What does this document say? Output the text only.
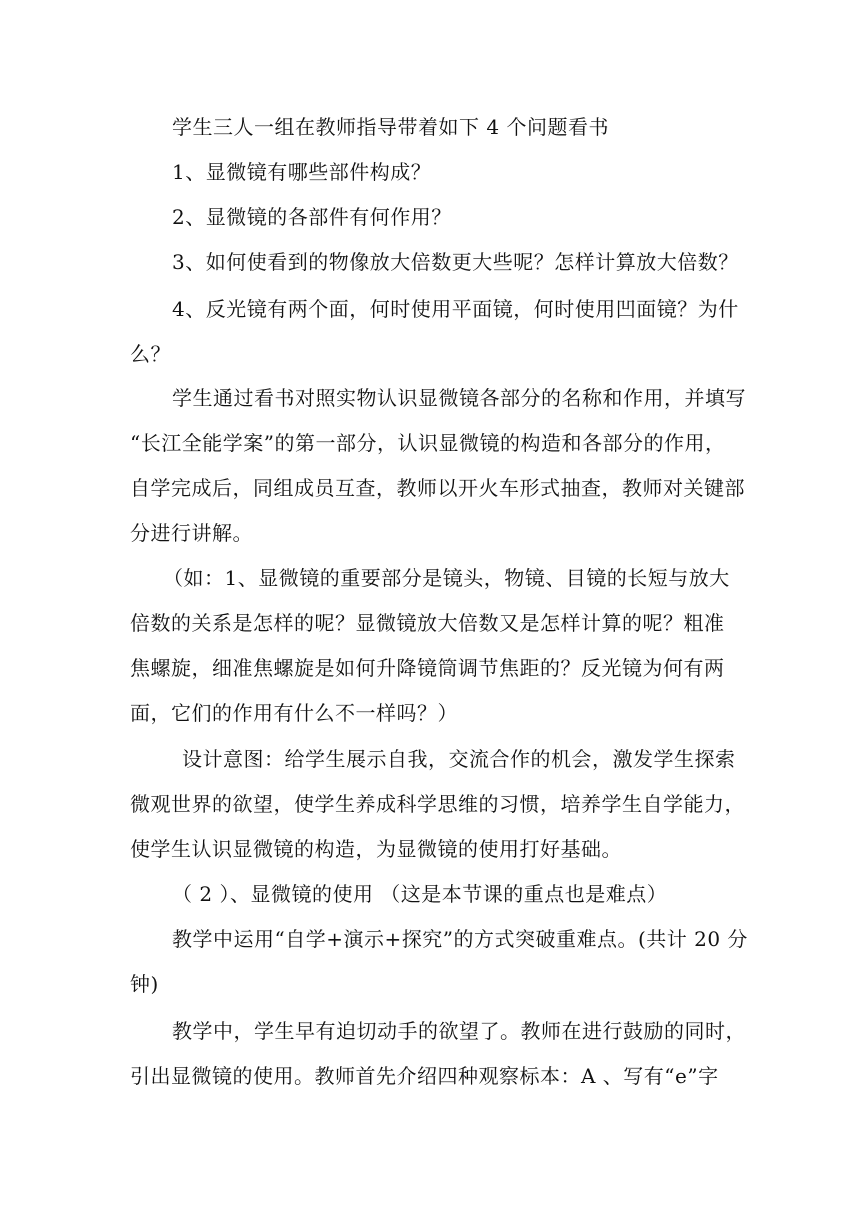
学生三人一组在教师指导带着如下 4 个问题看书
1、显微镜有哪些部件构成？
2、显微镜的各部件有何作用？
3、如何使看到的物像放大倍数更大些呢？怎样计算放大倍数？
4、反光镜有两个面，何时使用平面镜，何时使用凹面镜？为什
么？
学生通过看书对照实物认识显微镜各部分的名称和作用，并填写
“长江全能学案”的第一部分，认识显微镜的构造和各部分的作用，
自学完成后，同组成员互查，教师以开火车形式抽查，教师对关键部
分进行讲解。
（如：1、显微镜的重要部分是镜头，物镜、目镜的长短与放大
倍数的关系是怎样的呢？显微镜放大倍数又是怎样计算的呢？粗准
焦螺旋，细准焦螺旋是如何升降镜筒调节焦距的？反光镜为何有两
面，它们的作用有什么不一样吗？）
设计意图：给学生展示自我，交流合作的机会，激发学生探索
微观世界的欲望，使学生养成科学思维的习惯，培养学生自学能力，
使学生认识显微镜的构造，为显微镜的使用打好基础。
（ 2 ）、显微镜的使用 （这是本节课的重点也是难点）
教学中运用“自学+演示+探究”的方式突破重难点。(共计 20 分
钟)
教学中，学生早有迫切动手的欲望了。教师在进行鼓励的同时，
引出显微镜的使用。教师首先介绍四种观察标本：A 、写有“e”字
